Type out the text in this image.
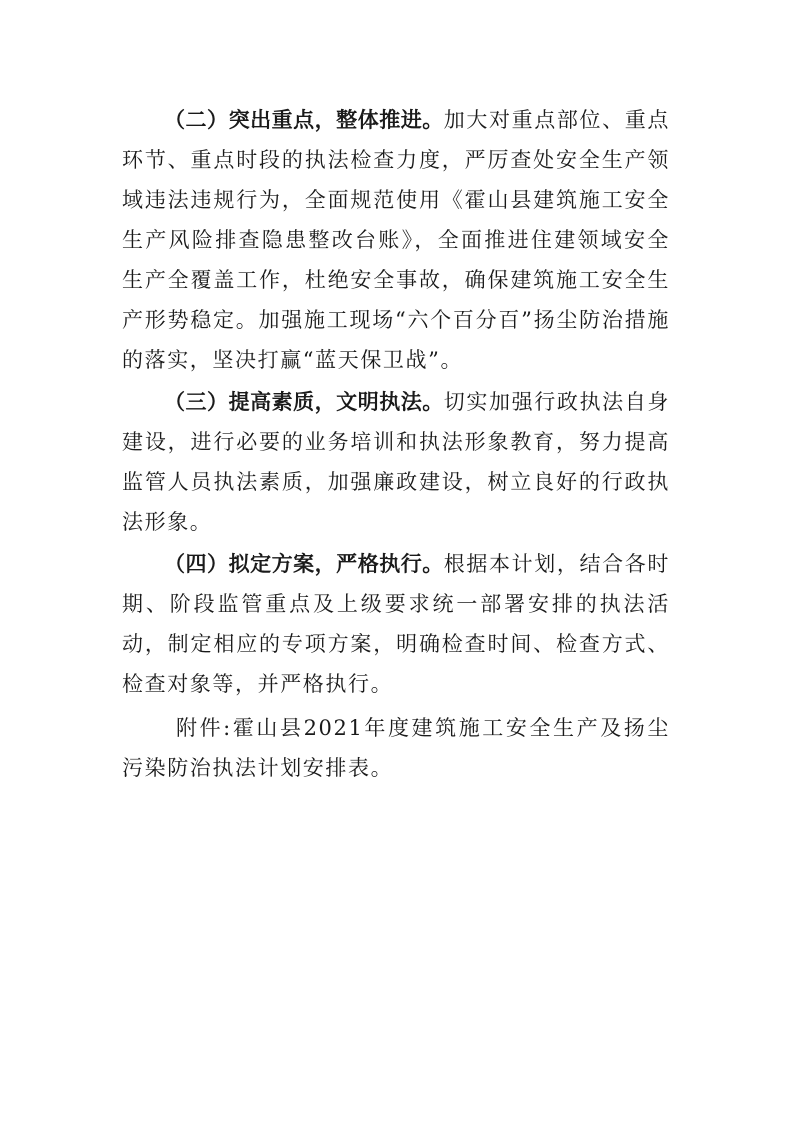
（二）突出重点，整体推进。加大对重点部位、重点环节、重点时段的执法检查力度，严厉查处安全生产领域违法违规行为，全面规范使用《霍山县建筑施工安全生产风险排查隐患整改台账》，全面推进住建领域安全生产全覆盖工作，杜绝安全事故，确保建筑施工安全生产形势稳定。加强施工现场“六个百分百”扬尘防治措施的落实，坚决打赢“蓝天保卫战”。

（三）提高素质，文明执法。切实加强行政执法自身建设，进行必要的业务培训和执法形象教育，努力提高监管人员执法素质，加强廉政建设，树立良好的行政执法形象。

（四）拟定方案，严格执行。根据本计划，结合各时期、阶段监管重点及上级要求统一部署安排的执法活动，制定相应的专项方案，明确检查时间、检查方式、检查对象等，并严格执行。

附件:霍山县2021年度建筑施工安全生产及扬尘污染防治执法计划安排表。
